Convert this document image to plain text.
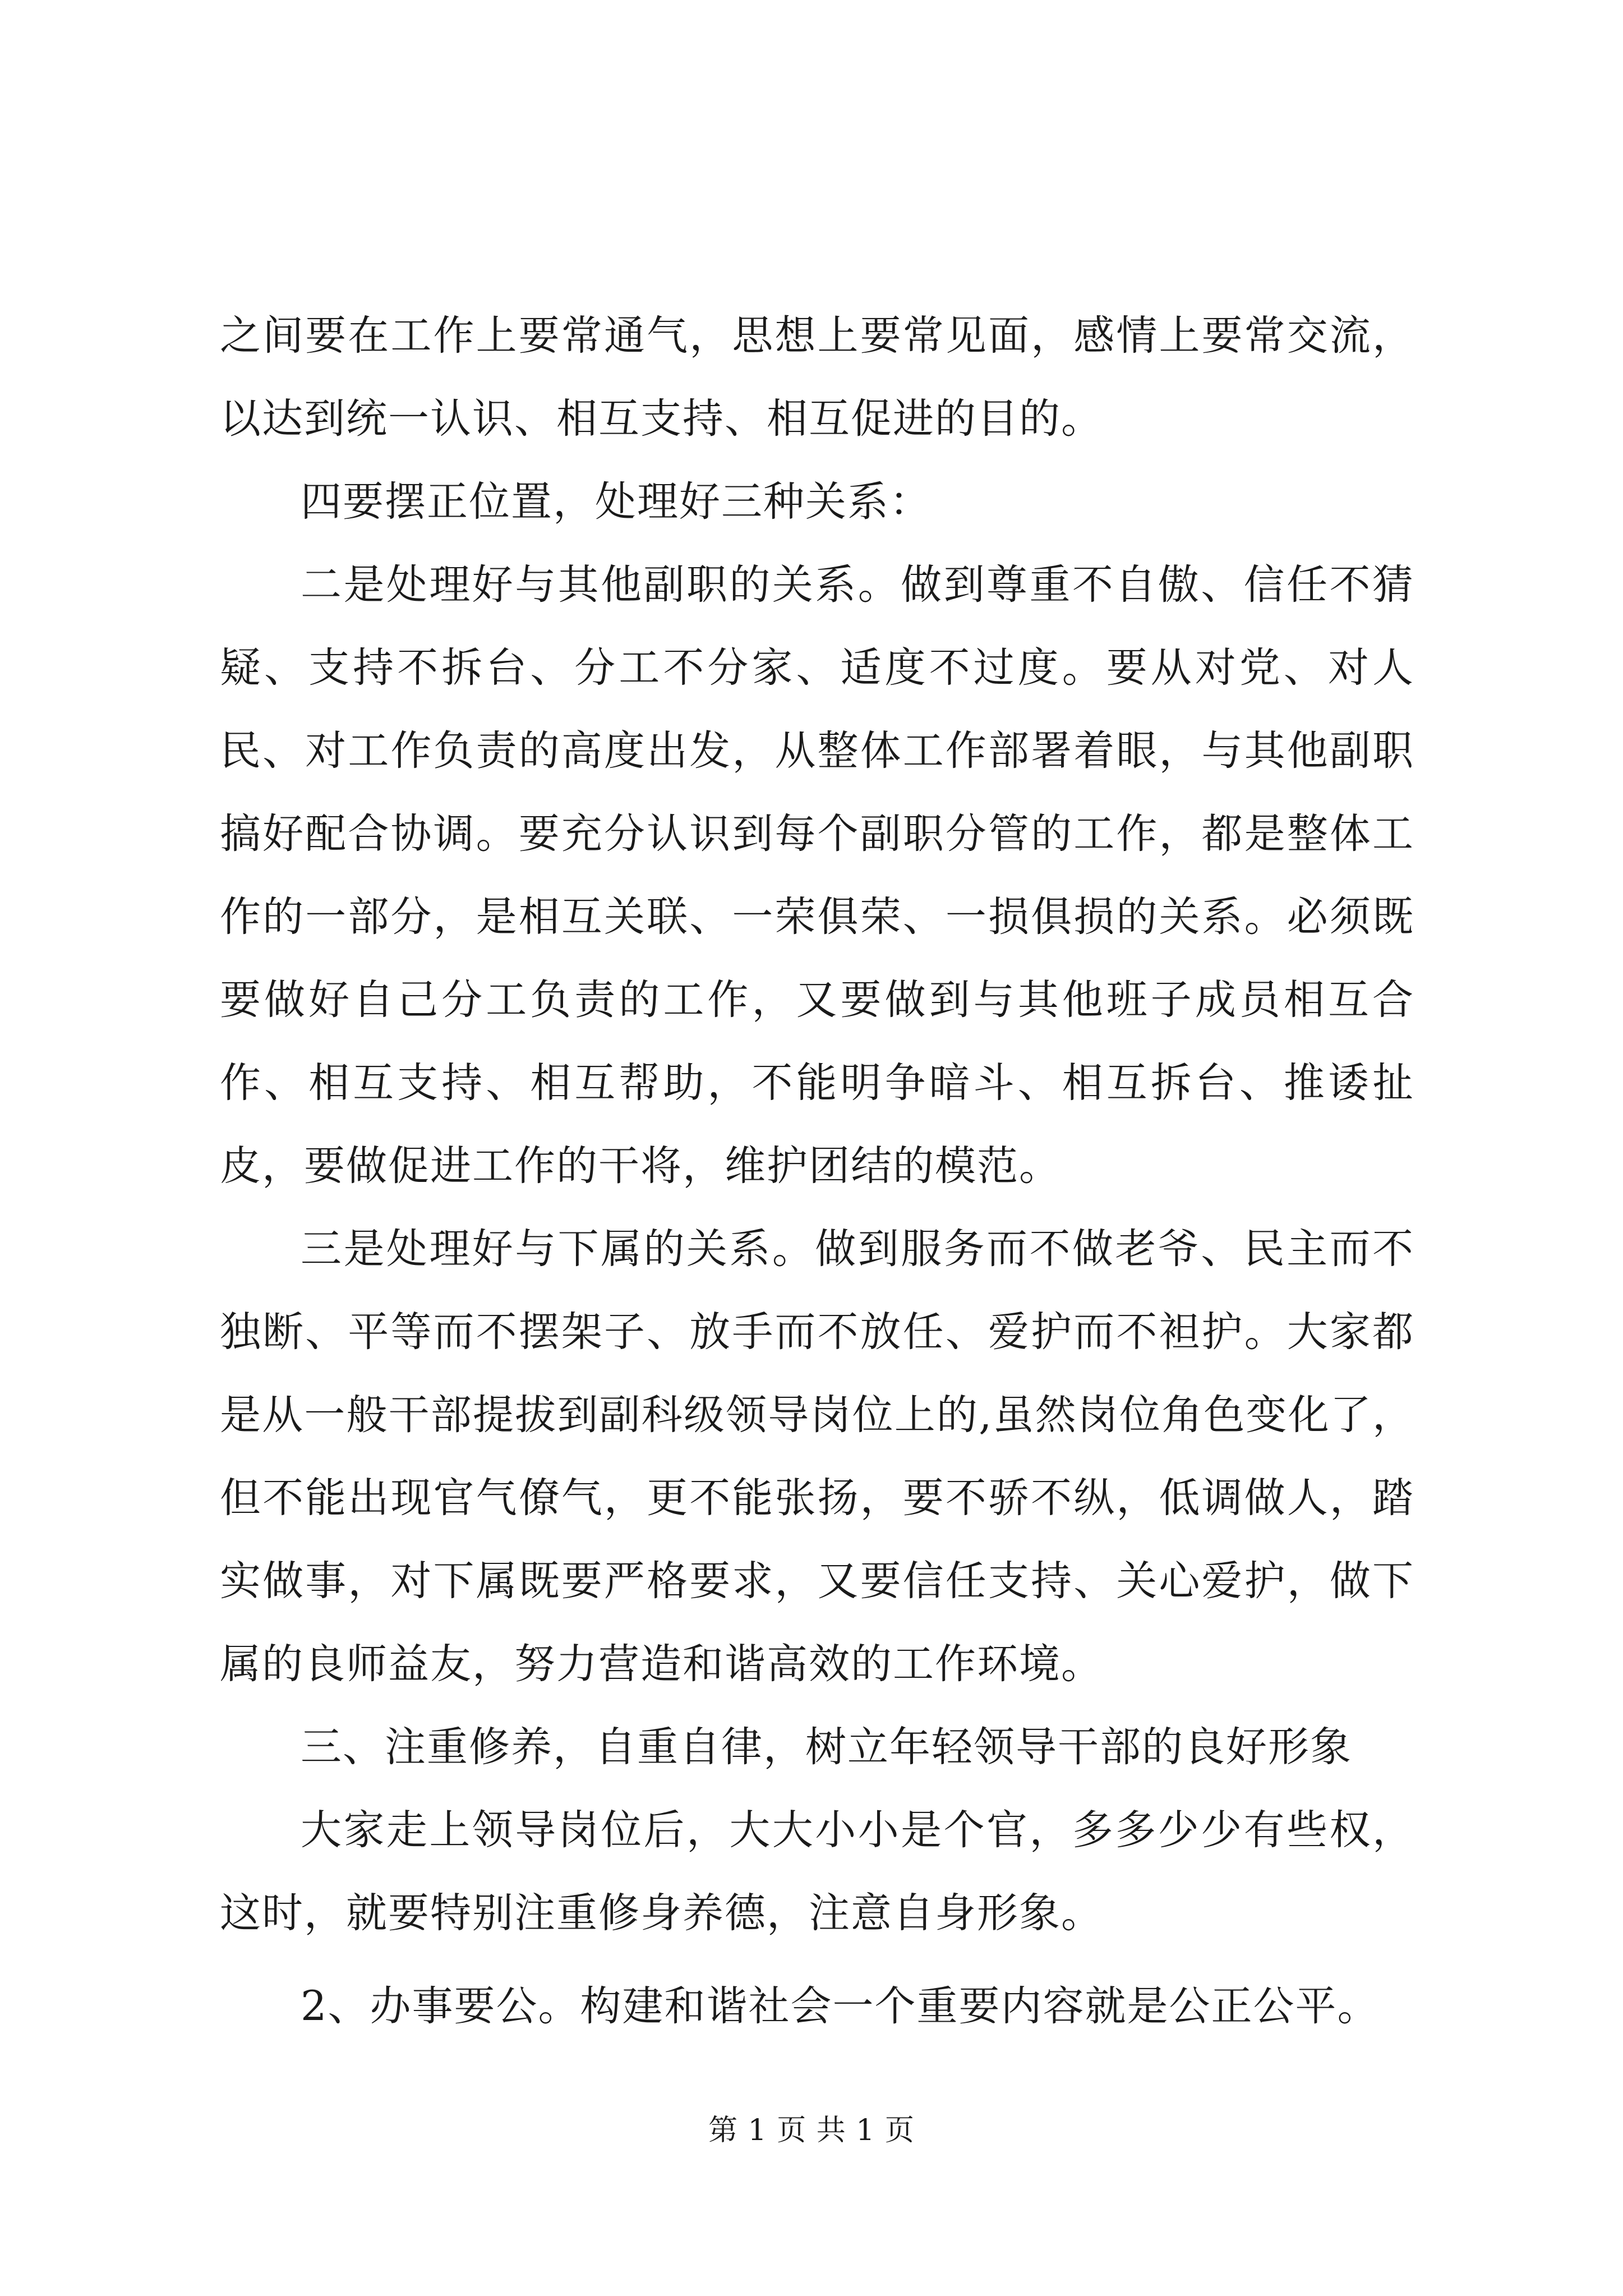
之间要在工作上要常通气，思想上要常见面，感情上要常交流，以达到统一认识、相互支持、相互促进的目的。

四要摆正位置，处理好三种关系：

二是处理好与其他副职的关系。做到尊重不自傲、信任不猜疑、支持不拆台、分工不分家、适度不过度。要从对党、对人民、对工作负责的高度出发，从整体工作部署着眼，与其他副职搞好配合协调。要充分认识到每个副职分管的工作，都是整体工作的一部分，是相互关联、一荣俱荣、一损俱损的关系。必须既要做好自己分工负责的工作，又要做到与其他班子成员相互合作、相互支持、相互帮助，不能明争暗斗、相互拆台、推诿扯皮，要做促进工作的干将，维护团结的模范。

三是处理好与下属的关系。做到服务而不做老爷、民主而不独断、平等而不摆架子、放手而不放任、爱护而不袒护。大家都是从一般干部提拔到副科级领导岗位上的,虽然岗位角色变化了，但不能出现官气僚气，更不能张扬，要不骄不纵，低调做人，踏实做事，对下属既要严格要求，又要信任支持、关心爱护，做下属的良师益友，努力营造和谐高效的工作环境。

三、注重修养，自重自律，树立年轻领导干部的良好形象

大家走上领导岗位后，大大小小是个官，多多少少有些权，这时，就要特别注重修身养德，注意自身形象。

2、办事要公。构建和谐社会一个重要内容就是公正公平。

第 1 页 共 1 页
